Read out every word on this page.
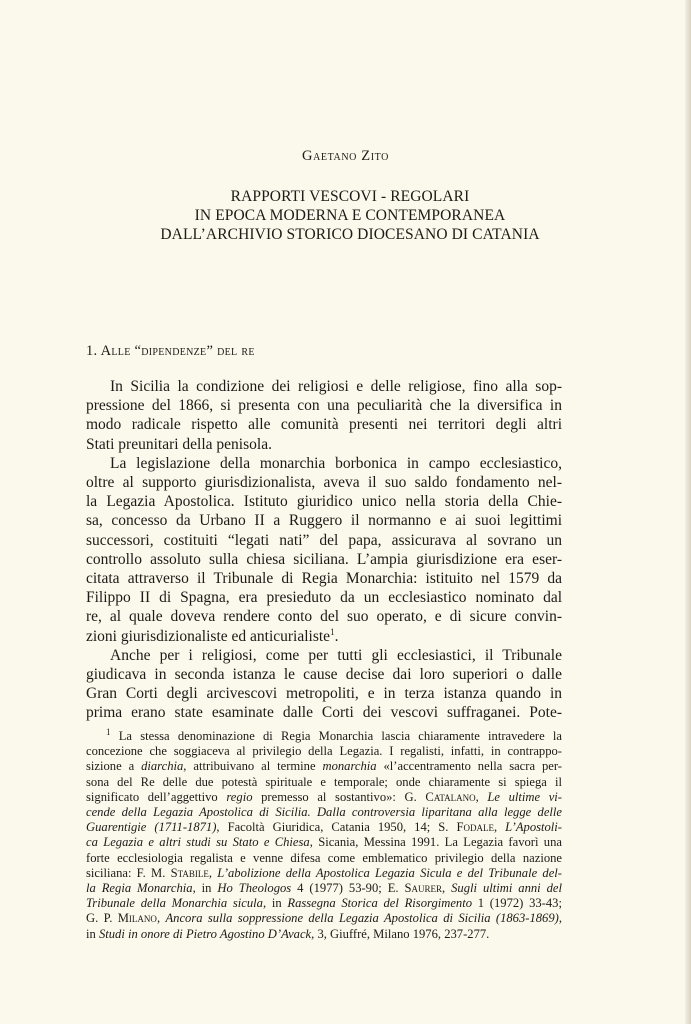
Gaetano Zito
RAPPORTI VESCOVI - REGOLARI
IN EPOCA MODERNA E CONTEMPORANEA
DALL’ARCHIVIO STORICO DIOCESANO DI CATANIA
1. Alle “dipendenze” del re
In Sicilia la condizione dei religiosi e delle religiose, fino alla sop-
pressione del 1866, si presenta con una peculiarità che la diversifica in
modo radicale rispetto alle comunità presenti nei territori degli altri
Stati preunitari della penisola.
La legislazione della monarchia borbonica in campo ecclesiastico,
oltre al supporto giurisdizionalista, aveva il suo saldo fondamento nel-
la Legazia Apostolica. Istituto giuridico unico nella storia della Chie-
sa, concesso da Urbano II a Ruggero il normanno e ai suoi legittimi
successori, costituiti “legati nati” del papa, assicurava al sovrano un
controllo assoluto sulla chiesa siciliana. L’ampia giurisdizione era eser-
citata attraverso il Tribunale di Regia Monarchia: istituito nel 1579 da
Filippo II di Spagna, era presieduto da un ecclesiastico nominato dal
re, al quale doveva rendere conto del suo operato, e di sicure convin-
zioni giurisdizionaliste ed anticurialiste$^1$.
Anche per i religiosi, come per tutti gli ecclesiastici, il Tribunale
giudicava in seconda istanza le cause decise dai loro superiori o dalle
Gran Corti degli arcivescovi metropoliti, e in terza istanza quando in
prima erano state esaminate dalle Corti dei vescovi suffraganei. Pote-
$^1$ La stessa denominazione di Regia Monarchia lascia chiaramente intravedere la
concezione che soggiaceva al privilegio della Legazia. I regalisti, infatti, in contrappo-
sizione a diarchia, attribuivano al termine monarchia «l’accentramento nella sacra per-
sona del Re delle due potestà spirituale e temporale; onde chiaramente si spiega il
significato dell’aggettivo regio premesso al sostantivo»: G. Catalano, Le ultime vi-
cende della Legazia Apostolica di Sicilia. Dalla controversia liparitana alla legge delle
Guarentigie (1711-1871), Facoltà Giuridica, Catania 1950, 14; S. Fodale, L’Apostoli-
ca Legazia e altri studi su Stato e Chiesa, Sicania, Messina 1991. La Legazia favorì una
forte ecclesiologia regalista e venne difesa come emblematico privilegio della nazione
siciliana: F. M. Stabile, L’abolizione della Apostolica Legazia Sicula e del Tribunale del-
la Regia Monarchia, in Ho Theologos 4 (1977) 53-90; E. Saurer, Sugli ultimi anni del
Tribunale della Monarchia sicula, in Rassegna Storica del Risorgimento 1 (1972) 33-43;
G. P. Milano, Ancora sulla soppressione della Legazia Apostolica di Sicilia (1863-1869),
in Studi in onore di Pietro Agostino D’Avack, 3, Giuffré, Milano 1976, 237-277.
